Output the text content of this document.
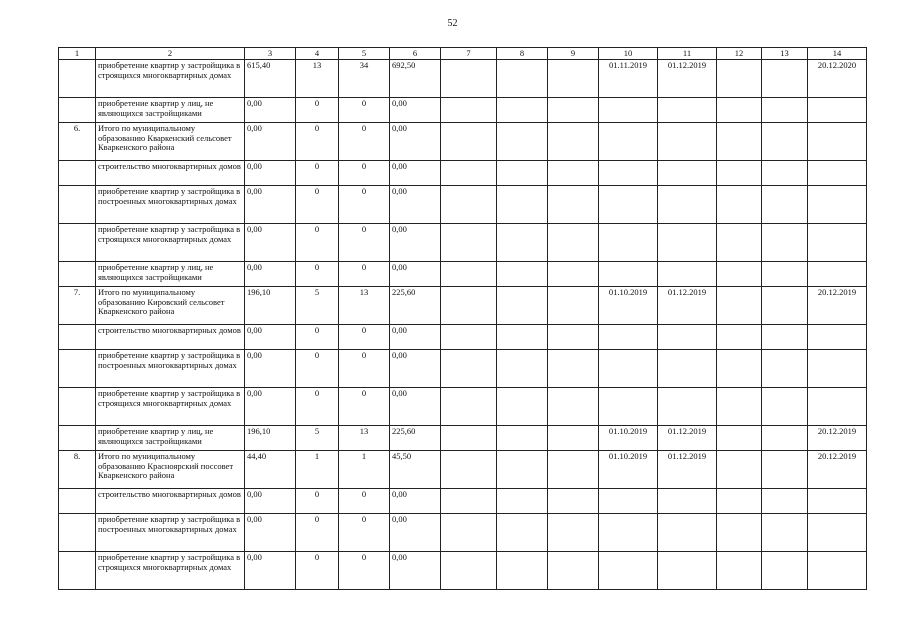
52
1	2	3	4	5	6	7	8	9	10	11	12	13	14
	приобретение квартир у застройщика в строящихся многоквартирных домах	615,40	13	34	692,50				01.11.2019	01.12.2019			20.12.2020
	приобретение квартир у лиц, не являющихся застройщиками	0,00	0	0	0,00								
6.	Итого по муниципальному образованию Кваркенский сельсовет Кваркенского района	0,00	0	0	0,00								
	строительство многоквартирных домов	0,00	0	0	0,00								
	приобретение квартир у застройщика в построенных многоквартирных домах	0,00	0	0	0,00								
	приобретение квартир у застройщика в строящихся многоквартирных домах	0,00	0	0	0,00								
	приобретение квартир у лиц, не являющихся застройщиками	0,00	0	0	0,00								
7.	Итого по муниципальному образованию Кировский сельсовет Кваркенского района	196,10	5	13	225,60				01.10.2019	01.12.2019			20.12.2019
	строительство многоквартирных домов	0,00	0	0	0,00								
	приобретение квартир у застройщика в построенных многоквартирных домах	0,00	0	0	0,00								
	приобретение квартир у застройщика в строящихся многоквартирных домах	0,00	0	0	0,00								
	приобретение квартир у лиц, не являющихся застройщиками	196,10	5	13	225,60				01.10.2019	01.12.2019			20.12.2019
8.	Итого по муниципальному образованию Красноярский поссовет Кваркенского района	44,40	1	1	45,50				01.10.2019	01.12.2019			20.12.2019
	строительство многоквартирных домов	0,00	0	0	0,00								
	приобретение квартир у застройщика в построенных многоквартирных домах	0,00	0	0	0,00								
	приобретение квартир у застройщика в строящихся многоквартирных домах	0,00	0	0	0,00								
